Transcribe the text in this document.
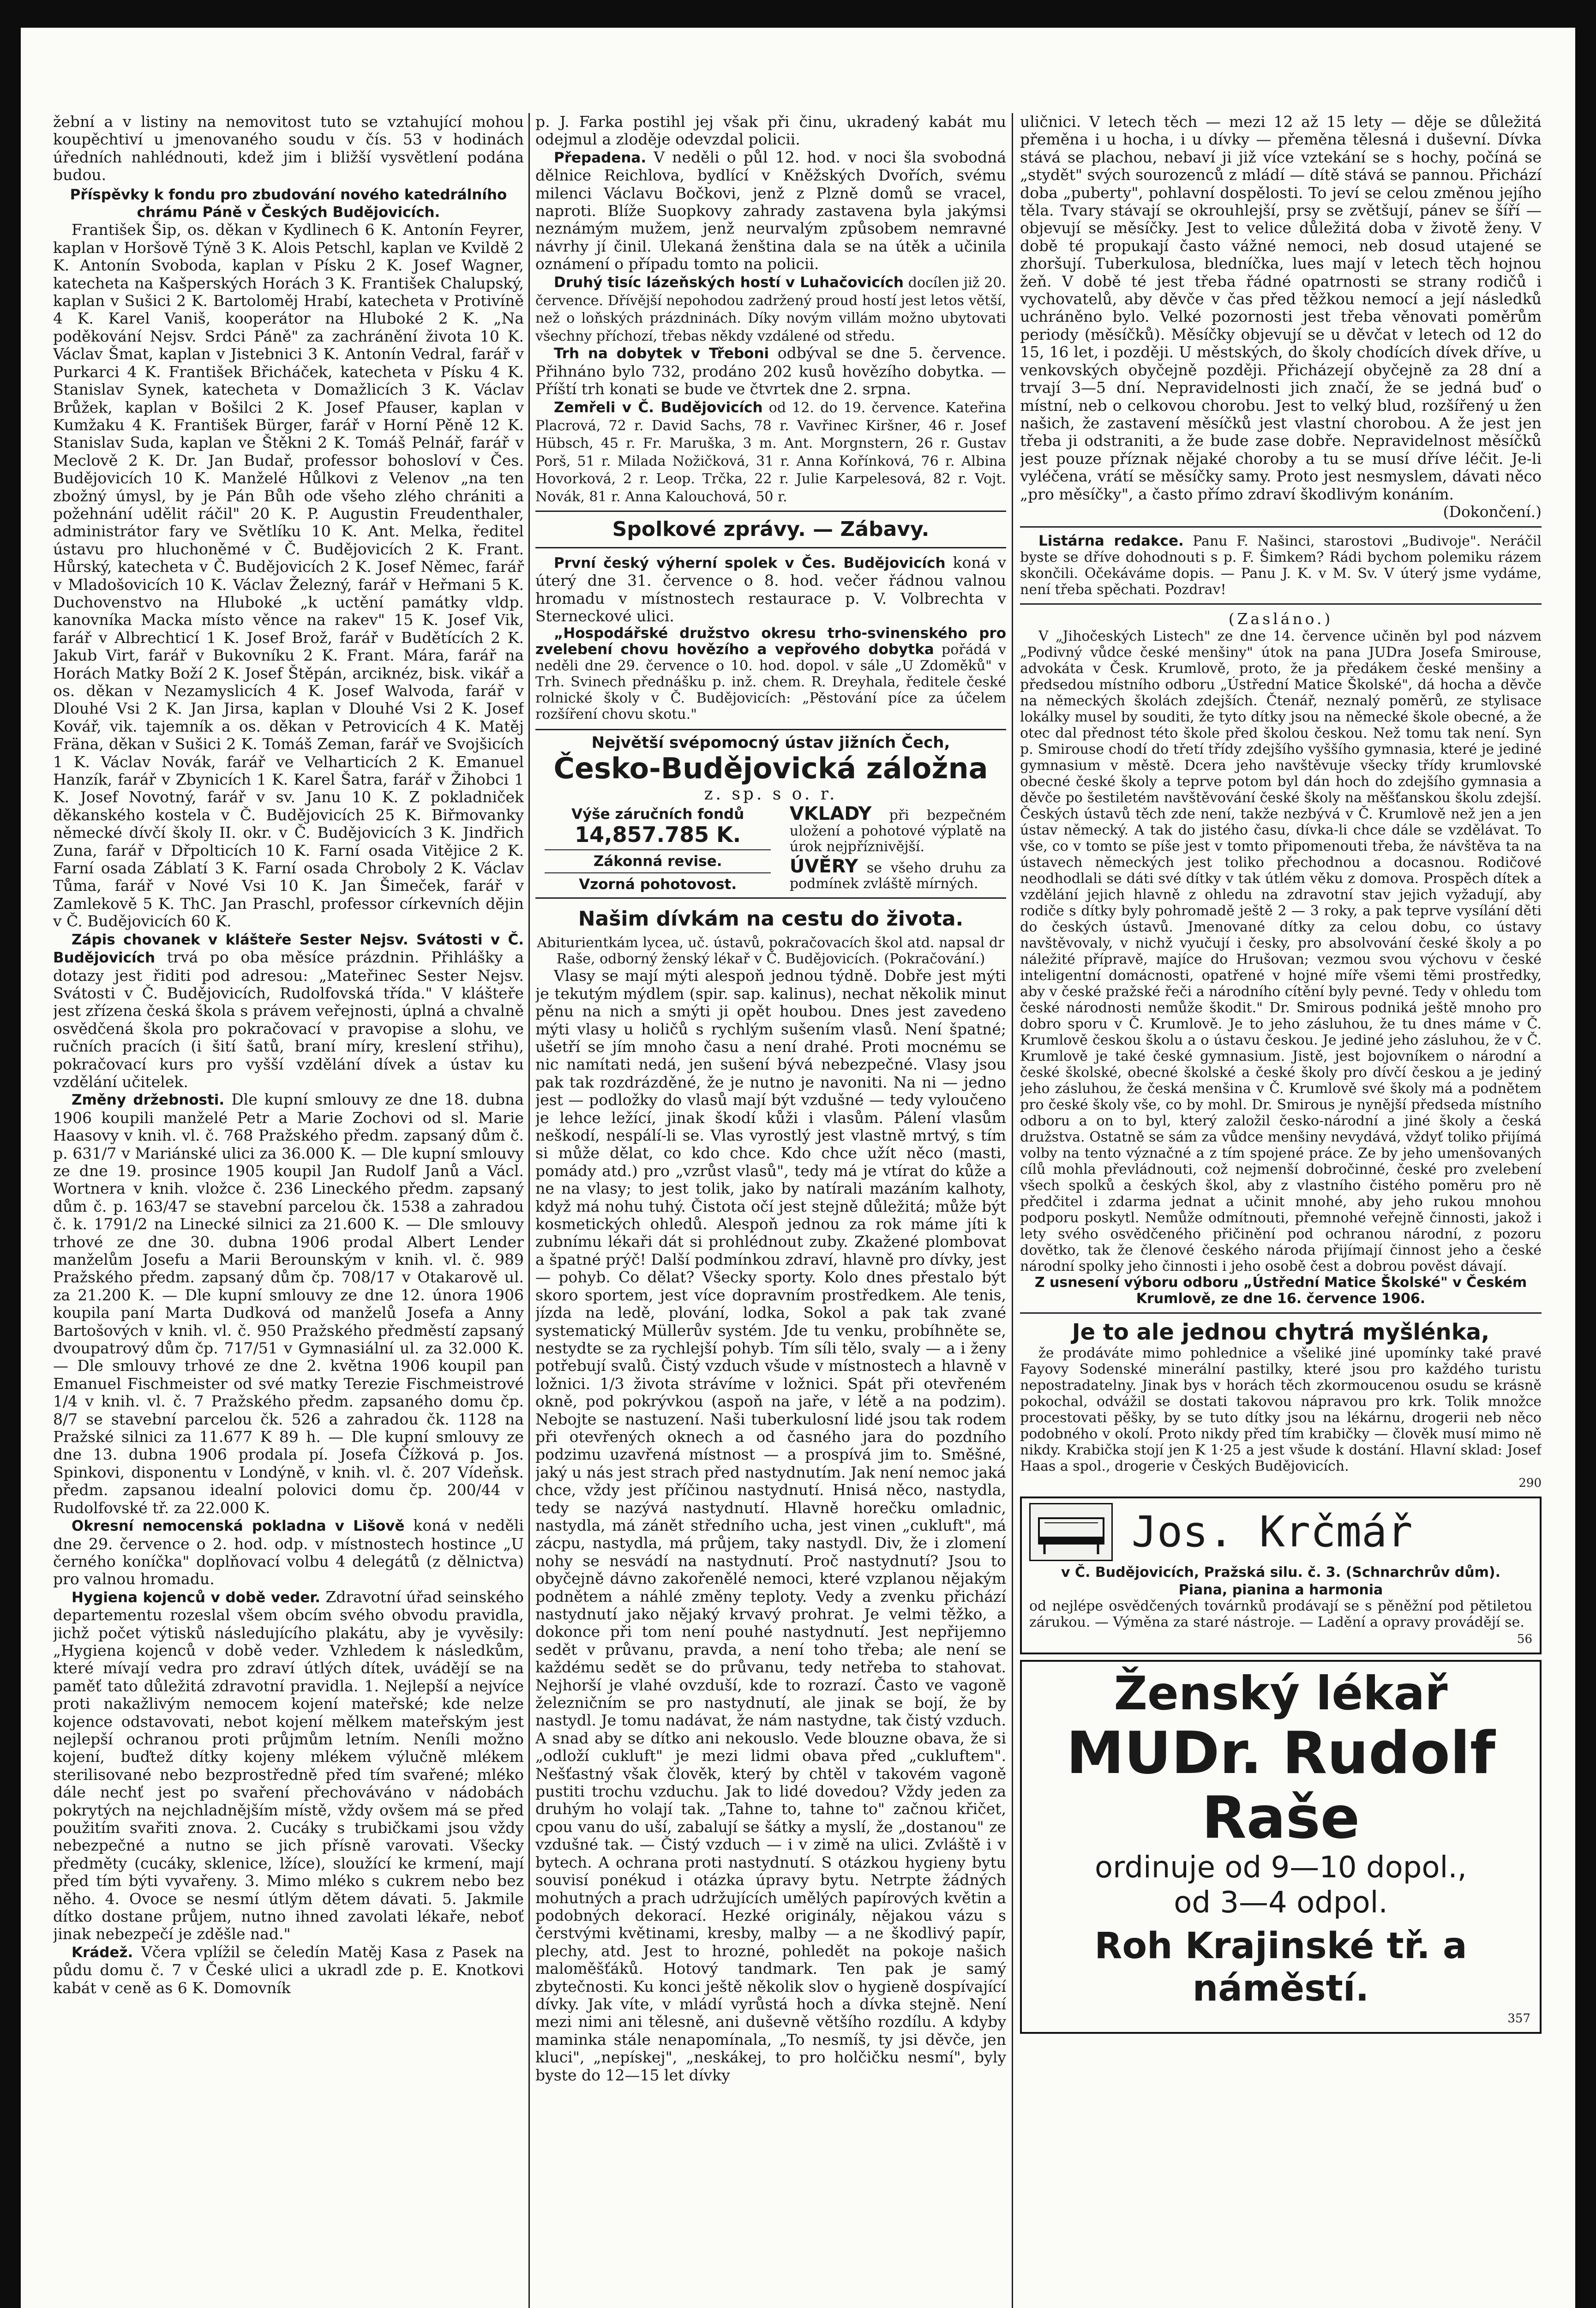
žební a v listiny na nemovitost tuto se vztahující mohou koupěchtiví u jmenovaného soudu v čís. 53 v hodinách úředních nahlédnouti, kdež jim i bližší vysvětlení podána budou.

Příspěvky k fondu pro zbudování nového katedrálního chrámu Páně v Českých Budějovicích.

František Šip, os. děkan v Kydlinech 6 K. Antonín Feyrer, kaplan v Horšově Týně 3 K. Alois Petschl, kaplan ve Kvildě 2 K. Antonín Svoboda, kaplan v Písku 2 K. Josef Wagner, katecheta na Kašperských Horách 3 K. František Chalupský, kaplan v Sušici 2 K. Bartoloměj Hrabí, katecheta v Protivíně 4 K. Karel Vaniš, kooperátor na Hluboké 2 K. „Na poděkování Nejsv. Srdci Páně" za zachránění života 10 K. Václav Šmat, kaplan v Jistebnici 3 K. Antonín Vedral, farář v Purkarci 4 K. František Břicháček, katecheta v Písku 4 K. Stanislav Synek, katecheta v Domažlicích 3 K. Václav Brůžek, kaplan v Bošilci 2 K. Josef Pfauser, kaplan v Kumžaku 4 K. František Bürger, farář v Horní Pěně 12 K. Stanislav Suda, kaplan ve Štěkni 2 K. Tomáš Pelnář, farář v Meclově 2 K. Dr. Jan Budař, professor bohosloví v Čes. Budějovicích 10 K. Manželé Hůlkovi z Velenov „na ten zbožný úmysl, by je Pán Bůh ode všeho zlého chrániti a požehnání udělit ráčil" 20 K. P. Augustin Freudenthaler, administrátor fary ve Světlíku 10 K. Ant. Melka, ředitel ústavu pro hluchoněmé v Č. Budějovicích 2 K. Frant. Hůrský, katecheta v Č. Budějovicích 2 K. Josef Němec, farář v Mladošovicích 10 K. Václav Železný, farář v Heřmani 5 K. Duchovenstvo na Hluboké „k uctění památky vldp. kanovníka Macka místo věnce na rakev" 15 K. Josef Vik, farář v Albrechticí 1 K. Josef Brož, farář v Budětících 2 K. Jakub Virt, farář v Bukovníku 2 K. Frant. Mára, farář na Horách Matky Boží 2 K. Josef Štěpán, arciknéz, bisk. vikář a os. děkan v Nezamyslicích 4 K. Josef Walvoda, farář v Dlouhé Vsi 2 K. Jan Jirsa, kaplan v Dlouhé Vsi 2 K. Josef Kovář, vik. tajemník a os. děkan v Petrovicích 4 K. Matěj Fräna, děkan v Sušici 2 K. Tomáš Zeman, farář ve Svojšicích 1 K. Václav Novák, farář ve Velharticích 2 K. Emanuel Hanzík, farář v Zbynicích 1 K. Karel Šatra, farář v Žihobci 1 K. Josef Novotný, farář v sv. Janu 10 K. Z pokladniček děkanského kostela v Č. Budějovicích 25 K. Biřmovanky německé dívčí školy II. okr. v Č. Budějovicích 3 K. Jindřich Zuna, farář v Dřpolticích 10 K. Farní osada Vitějice 2 K. Farní osada Záblatí 3 K. Farní osada Chroboly 2 K. Václav Tůma, farář v Nové Vsi 10 K. Jan Šimeček, farář v Zamlekově 5 K. ThC. Jan Praschl, professor církevních dějin v Č. Budějovicích 60 K.

Zápis chovanek v klášteře Sester Nejsv. Svátosti v Č. Budějovicích trvá po oba měsíce prázdnin. Přihlášky a dotazy jest řiditi pod adresou: „Mateřinec Sester Nejsv. Svátosti v Č. Budějovicích, Rudolfovská třída." V klášteře jest zřízena česká škola s právem veřejnosti, úplná a chvalně osvědčená škola pro pokračovací v pravopise a slohu, ve ručních pracích (i šití šatů, braní míry, kreslení střihu), pokračovací kurs pro vyšší vzdělání dívek a ústav ku vzdělání učitelek.

Změny držebnosti. Dle kupní smlouvy ze dne 18. dubna 1906 koupili manželé Petr a Marie Zochovi od sl. Marie Haasovy v knih. vl. č. 768 Pražského předm. zapsaný dům č. p. 631/7 v Mariánské ulici za 36.000 K. — Dle kupní smlouvy ze dne 19. prosince 1905 koupil Jan Rudolf Janů a Václ. Wortnera v knih. vložce č. 236 Lineckého předm. zapsaný dům č. p. 163/47 se stavební parcelou čk. 1538 a zahradou č. k. 1791/2 na Linecké silnici za 21.600 K. — Dle smlouvy trhové ze dne 30. dubna 1906 prodal Albert Lender manželům Josefu a Marii Berounským v knih. vl. č. 989 Pražského předm. zapsaný dům čp. 708/17 v Otakarově ul. za 21.200 K. — Dle kupní smlouvy ze dne 12. února 1906 koupila paní Marta Dudková od manželů Josefa a Anny Bartošových v knih. vl. č. 950 Pražského předměstí zapsaný dvoupatrový dům čp. 717/51 v Gymnasiální ul. za 32.000 K. — Dle smlouvy trhové ze dne 2. května 1906 koupil pan Emanuel Fischmeister od své matky Terezie Fischmeistrové 1/4 v knih. vl. č. 7 Pražského předm. zapsaného domu čp. 8/7 se stavební parcelou čk. 526 a zahradou čk. 1128 na Pražské silnici za 11.677 K 89 h. — Dle kupní smlouvy ze dne 13. dubna 1906 prodala pí. Josefa Čížková p. Jos. Spinkovi, disponentu v Londýně, v knih. vl. č. 207 Vídeňsk. předm. zapsanou idealní polovici domu čp. 200/44 v Rudolfovské tř. za 22.000 K.

Okresní nemocenská pokladna v Lišově koná v neděli dne 29. července o 2. hod. odp. v místnostech hostince „U černého koníčka" doplňovací volbu 4 delegátů (z dělnictva) pro valnou hromadu.

Hygiena kojenců v době veder. Zdravotní úřad seinského departementu rozeslal všem obcím svého obvodu pravidla, jichž počet výtisků následujícího plakátu, aby je vyvěsily: „Hygiena kojenců v době veder. Vzhledem k následkům, které mívají vedra pro zdraví útlých dítek, uvádějí se na paměť tato důležitá zdravotní pravidla. 1. Nejlepší a nejvíce proti nakažlivým nemocem kojení mateřské; kde nelze kojence odstavovati, nebot kojení mělkem mateřským jest nejlepší ochranou proti průjmům letním. Neníli možno kojení, buďtež dítky kojeny mlékem výlučně mlékem sterilisované nebo bezprostředně před tím svařené; mléko dále nechť jest po svaření přechováváno v nádobách pokrytých na nejchladnějším místě, vždy ovšem má se před použitím svařiti znova. 2. Cucáky s trubičkami jsou vždy nebezpečné a nutno se jich přísně varovati. Všecky předměty (cucáky, sklenice, lžíce), sloužící ke krmení, mají před tím býti vyvařeny. 3. Mimo mléko s cukrem nebo bez něho. 4. Ovoce se nesmí útlým dětem dávati. 5. Jakmile dítko dostane průjem, nutno ihned zavolati lékaře, neboť jinak nebezpečí je zděšle nad."

Krádež. Včera vplížil se čeledín Matěj Kasa z Pasek na půdu domu č. 7 v České ulici a ukradl zde p. E. Knotkovi kabát v ceně as 6 K. Domovník

p. J. Farka postihl jej však při činu, ukradený kabát mu odejmul a zloděje odevzdal policii.

Přepadena. V neděli o půl 12. hod. v noci šla svobodná dělnice Reichlova, bydlící v Kněžských Dvořích, svému milenci Václavu Bočkovi, jenž z Plzně domů se vracel, naproti. Blíže Suopkovy zahrady zastavena byla jakýmsi neznámým mužem, jenž neurvalým způsobem nemravné návrhy jí činil. Ulekaná ženština dala se na útěk a učinila oznámení o případu tomto na policii.

Druhý tisíc lázeňských hostí v Luhačovicích docílen již 20. července. Dřívější nepohodou zadržený proud hostí jest letos větší, než o loňských prázdninách. Díky novým villám možno ubytovati všechny příchozí, třebas někdy vzdálené od středu.

Trh na dobytek v Třeboni odbýval se dne 5. července. Přihnáno bylo 732, prodáno 202 kusů hovězího dobytka. — Příští trh konati se bude ve čtvrtek dne 2. srpna.

Zemřeli v Č. Budějovicích od 12. do 19. července. Kateřina Placrová, 72 r. David Sachs, 78 r. Vavřinec Kiršner, 46 r. Josef Hübsch, 45 r. Fr. Maruška, 3 m. Ant. Morgnstern, 26 r. Gustav Porš, 51 r. Milada Nožičková, 31 r. Anna Kořínková, 76 r. Albina Hovorková, 2 r. Leop. Trčka, 22 r. Julie Karpelesová, 82 r. Vojt. Novák, 81 r. Anna Kalouchová, 50 r.

Spolkové zprávy. — Zábavy.

První český výherní spolek v Čes. Budějovicích koná v úterý dne 31. července o 8. hod. večer řádnou valnou hromadu v místnostech restaurace p. V. Volbrechta v Sterneckové ulici.

„Hospodářské družstvo okresu trho-svinenského pro zvelebení chovu hovězího a vepřového dobytka pořádá v neděli dne 29. července o 10. hod. dopol. v sále „U Zdoměků" v Trh. Svinech přednášku p. inž. chem. R. Dreyhala, ředitele české rolnické školy v Č. Budějovicích: „Pěstování píce za účelem rozšíření chovu skotu."

Největší svépomocný ústav jižních Čech,
Česko-Budějovická záložna
z. sp. s o. r.
Výše záručních fondů
14,857.785 K.
Zákonná revise.
Vzorná pohotovost.
VKLADY při bezpečném uložení a pohotové výplatě na úrok nejpříznivější.
ÚVĚRY se všeho druhu za podmínek zvláště mírných.
Našim dívkám na cestu do života.

Abiturientkám lycea, uč. ústavů, pokračovacích škol atd. napsal dr Raše, odborný ženský lékař v Č. Budějovicích. (Pokračování.)

Vlasy se mají mýti alespoň jednou týdně. Dobře jest mýti je tekutým mýdlem (spir. sap. kalinus), nechat několik minut pěnu na nich a smýti ji opět houbou. Dnes jest zavedeno mýti vlasy u holičů s rychlým sušením vlasů. Není špatné; ušetří se jím mnoho času a není drahé. Proti mocnému se nic namítati nedá, jen sušení bývá nebezpečné. Vlasy jsou pak tak rozdrázděné, že je nutno je navoniti. Na ni — jedno jest — podložky do vlasů mají být vzdušné — tedy vyloučeno je lehce ležící, jinak škodí kůži i vlasům. Pálení vlasům neškodí, nespálí-li se. Vlas vyrostlý jest vlastně mrtvý, s tím si může dělat, co kdo chce. Kdo chce užít něco (masti, pomády atd.) pro „vzrůst vlasů", tedy má je vtírat do kůže a ne na vlasy; to jest tolik, jako by natírali mazáním kalhoty, když má nohu tuhý. Čistota očí jest stejně důležitá; může být kosmetických ohledů. Alespoň jednou za rok máme jíti k zubnímu lékaři dát si prohlédnout zuby. Zkažené plombovat a špatné prýč! Další podmínkou zdraví, hlavně pro dívky, jest — pohyb. Co dělat? Všecky sporty. Kolo dnes přestalo být skoro sportem, jest více dopravním prostředkem. Ale tenis, jízda na ledě, plování, lodka, Sokol a pak tak zvané systematický Müllerův systém. Jde tu venku, probíhněte se, nestydte se za rychlejší pohyb. Tím síli tělo, svaly — a i ženy potřebují svalů. Čistý vzduch všude v místnostech a hlavně v ložnici. 1/3 života strávíme v ložnici. Spát při otevřeném okně, pod pokrývkou (aspoň na jaře, v létě a na podzim). Nebojte se nastuzení. Naši tuberkulosní lidé jsou tak rodem při otevřených oknech a od časného jara do pozdního podzimu uzavřená místnost — a prospívá jim to. Směšné, jaký u nás jest strach před nastydnutím. Jak není nemoc jaká chce, vždy jest příčinou nastydnutí. Hnisá něco, nastydla, tedy se nazývá nastydnutí. Hlavně horečku omladnic, nastydla, má zánět středního ucha, jest vinen „cukluft", má zácpu, nastydla, má průjem, taky nastydl. Div, že i zlomení nohy se nesvádí na nastydnutí. Proč nastydnutí? Jsou to obyčejně dávno zakořenělé nemoci, které vzplanou nějakým podnětem a náhlé změny teploty. Vedy a zvenku přichází nastydnutí jako nějaký krvavý prohrat. Je velmi těžko, a dokonce při tom není pouhé nastydnutí. Jest nepřijemno sedět v průvanu, pravda, a není toho třeba; ale není se každému sedět se do průvanu, tedy netřeba to stahovat. Nejhorší je vlahé ovzduší, kde to rozrazí. Často ve vagoně železničním se pro nastydnutí, ale jinak se bojí, že by nastydl. Je tomu nadávat, že nám nastydne, tak čistý vzduch. A snad aby se dítko ani nekouslo. Vede blouzne obava, že si „odloží cukluft" je mezi lidmi obava před „cukluftem". Nešťastný však člověk, který by chtěl v takovém vagoně pustiti trochu vzduchu. Jak to lidé dovedou? Vždy jeden za druhým ho volají tak. „Tahne to, tahne to" začnou křičet, cpou vanu do uší, zabalují se šátky a myslí, že „dostanou" ze vzdušné tak. — Čistý vzduch — i v zimě na ulici. Zvláště i v bytech. A ochrana proti nastydnutí. S otázkou hygieny bytu souvisí ponékud i otázka úpravy bytu. Netrpte žádných mohutných a prach udržujících umělých papírových květin a podobných dekorací. Hezké originály, nějakou vázu s čerstvými květinami, kresby, malby — a ne škodlivý papír, plechy, atd. Jest to hrozné, pohledět na pokoje našich maloměšťáků. Hotový tandmark. Ten pak je samý zbytečnosti. Ku konci ještě několik slov o hygieně dospívající dívky. Jak víte, v mládí vyrůstá hoch a dívka stejně. Není mezi nimi ani tělesně, ani duševně většího rozdílu. A kdyby maminka stále nenapomínala, „To nesmíš, ty jsi děvče, jen kluci", „nepískej", „neskákej, to pro holčičku nesmí", byly byste do 12—15 let dívky

uličnici. V letech těch — mezi 12 až 15 lety — děje se důležitá přeměna i u hocha, i u dívky — přeměna tělesná i duševní. Dívka stává se plachou, nebaví ji již více vztekání se s hochy, počíná se „stydět" svých sourozenců z mládí — dítě stává se pannou. Přichází doba „puberty", pohlavní dospělosti. To jeví se celou změnou jejího těla. Tvary stávají se okrouhlejší, prsy se zvětšují, pánev se šíří — objevují se měsíčky. Jest to velice důležitá doba v životě ženy. V době té propukají často vážné nemoci, neb dosud utajené se zhoršují. Tuberkulosa, bledníčka, lues mají v letech těch hojnou žeň. V době té jest třeba řádné opatrnosti se strany rodičů i vychovatelů, aby děvče v čas před těžkou nemocí a její následků uchráněno bylo. Velké pozornosti jest třeba věnovati poměrům periody (měsíčků). Měsíčky objevují se u děvčat v letech od 12 do 15, 16 let, i později. U městských, do školy chodících dívek dříve, u venkovských obyčejně později. Přicházejí obyčejně za 28 dní a trvají 3—5 dní. Nepravidelnosti jich značí, že se jedná buď o místní, neb o celkovou chorobu. Jest to velký blud, rozšířený u žen našich, že zastavení měsíčků jest vlastní chorobou. A že jest jen třeba ji odstraniti, a že bude zase dobře. Nepravidelnost měsíčků jest pouze příznak nějaké choroby a tu se musí dříve léčit. Je-li vyléčena, vrátí se měsíčky samy. Proto jest nesmyslem, dávati něco „pro měsíčky", a často přímo zdraví škodlivým konáním.

(Dokončení.)

Listárna redakce. Panu F. Našinci, starostovi „Budivoje". Neráčil byste se dříve dohodnouti s p. F. Šimkem? Rádi bychom polemiku rázem skončili. Očekáváme dopis. — Panu J. K. v M. Sv. V úterý jsme vydáme, není třeba spěchati. Pozdrav!

(Zasláno.)

V „Jihočeských Listech" ze dne 14. července učiněn byl pod názvem „Podivný vůdce české menšiny" útok na pana JUDra Josefa Smirouse, advokáta v Česk. Krumlově, proto, že ja předákem české menšiny a předsedou místního odboru „Ústřední Matice Školské", dá hocha a děvče na německých školách zdejších. Čtenář, neznalý poměrů, ze stylisace lokálky musel by souditi, že tyto dítky jsou na německé škole obecné, a že otec dal přednost této škole před školou českou. Než tomu tak není. Syn p. Smirouse chodí do třetí třídy zdejšího vyššího gymnasia, které je jediné gymnasium v městě. Dcera jeho navštěvuje všecky třídy krumlovské obecné české školy a teprve potom byl dán hoch do zdejšího gymnasia a děvče po šestiletém navštěvování české školy na měšťanskou školu zdejší. Českých ústavů těch zde není, takže nezbývá v Č. Krumlově než jen a jen ústav německý. A tak do jistého času, dívka-li chce dále se vzdělávat. To vše, co v tomto se píše jest v tomto připomenouti třeba, že návštěva ta na ústavech německých jest toliko přechodnou a docasnou. Rodičové neodhodlali se dáti své dítky v tak útlém věku z domova. Prospěch dítek a vzdělání jejich hlavně z ohledu na zdravotní stav jejich vyžadují, aby rodiče s dítky byly pohromadě ještě 2 — 3 roky, a pak teprve vysílání děti do českých ústavů. Jmenované dítky za celou dobu, co ústavy navštěvovaly, v nichž vyučují i česky, pro absolvování české školy a po náležité přípravě, majíce do Hrušovan; vezmou svou výchovu v české inteligentní domácnosti, opatřené v hojné míře všemi těmi prostředky, aby v české pražské řeči a národního cítění byly pevné. Tedy v ohledu tom české národnosti nemůže škodit." Dr. Smirous podniká ještě mnoho pro dobro sporu v Č. Krumlově. Je to jeho zásluhou, že tu dnes máme v Č. Krumlově českou školu a o ústavu českou. Je jediné jeho zásluhou, že v Č. Krumlově je také české gymnasium. Jistě, jest bojovníkem o národní a české školské, obecné školské a české školy pro dívčí českou a je jediný jeho zásluhou, že česká menšina v Č. Krumlově své školy má a podnětem pro české školy vše, co by mohl. Dr. Smirous je nynější předseda místního odboru a on to byl, který založil česko-národní a jiné školy a česká družstva. Ostatně se sám za vůdce menšiny nevydává, vždyť toliko přijímá volby na tento význačné a z tím spojené práce. Ze by jeho umenšovaných cílů mohla převládnouti, což nejmenší dobročinné, české pro zvelebení všech spolků a českých škol, aby z vlastního čistého poměru pro ně předčitel i zdarma jednat a učinit mnohé, aby jeho rukou mnohou podporu poskytl. Nemůže odmítnouti, přemnohé veřejně činnosti, jakož i lety svého osvědčeného přičinění pod ochranou národní, z pozoru dovětko, tak že členové českého národa přijímají činnost jeho a české národní spolky jeho činnosti i jeho osobě čest a dobrou pověst dávají.

Z usnesení výboru odboru „Ústřední Matice Školské" v Českém Krumlově, ze dne 16. července 1906.

Je to ale jednou chytrá myšlénka,

že prodáváte mimo pohlednice a všeliké jiné upomínky také pravé Fayovy Sodenské minerální pastilky, které jsou pro každého turistu nepostradatelny. Jinak bys v horách těch zkormoucenou osudu se krásně pokochal, odvážil se dostati takovou nápravou pro krk. Tolik množce procestovati pěšky, by se tuto dítky jsou na lékárnu, drogerii neb něco podobného v okolí. Proto nikdy před tím krabičky — člověk musí mimo ně nikdy. Krabička stojí jen K 1·25 a jest všude k dostání. Hlavní sklad: Josef Haas a spol., drogerie v Českých Budějovicích.

290
Jos. Krčmář
v Č. Budějovicích, Pražská silu. č. 3. (Schnarchrův dům).
Piana, pianina a harmonia
od nejlépe osvědčených továrnků prodávají se s pěněžní pod pětiletou zárukou. — Výměna za staré nástroje. — Ladění a opravy provádějí se.
56
Ženský lékař
MUDr. Rudolf Raše
ordinuje od 9—10 dopol.,
od 3—4 odpol.
Roh Krajinské tř. a náměstí.
357
